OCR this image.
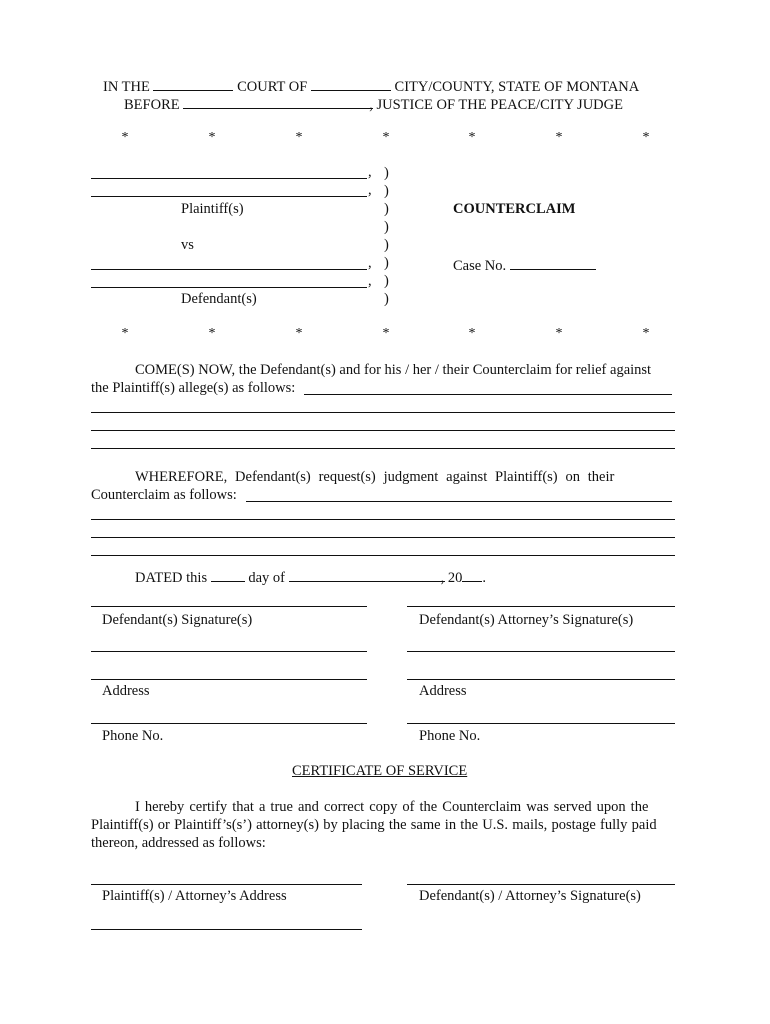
IN THE	COURT OF	CITY/COUNTY, STATE OF MONTANA
BEFORE	, JUSTICE OF THE PEACE/CITY JUDGE
*	*	*	*	*	*	*
,
,
Plaintiff(s)
vs
,
,
Defendant(s)
)
)
)
)
)
)
)
)
COUNTERCLAIM
Case No.
*	*	*	*	*	*	*
COME(S) NOW, the Defendant(s) and for his / her / their Counterclaim for relief against
the Plaintiff(s) allege(s) as follows:
WHEREFORE, Defendant(s) request(s) judgment against Plaintiff(s) on their
Counterclaim as follows:
DATED this	day of	, 20 .
Defendant(s) Signature(s)	Defendant(s) Attorney’s Signature(s)
Address	Address
Phone No.	Phone No.
CERTIFICATE OF SERVICE
I hereby certify that a true and correct copy of the Counterclaim was served upon the
Plaintiff(s) or Plaintiff’s(s’) attorney(s) by placing the same in the U.S. mails, postage fully paid
thereon, addressed as follows:
Plaintiff(s) / Attorney’s Address	Defendant(s) / Attorney’s Signature(s)
